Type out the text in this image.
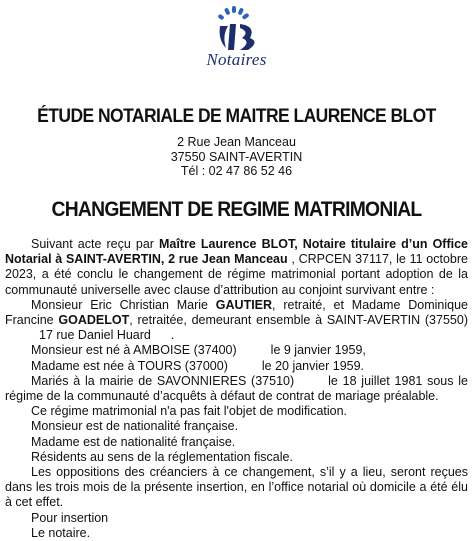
Notaires
ÉTUDE NOTARIALE DE MAITRE LAURENCE BLOT
2 Rue Jean Manceau
37550 SAINT-AVERTIN
Tél : 02 47 86 52 46
CHANGEMENT DE REGIME MATRIMONIAL

Suivant acte reçu par Maître Laurence BLOT, Notaire titulaire d’un Office Notarial à SAINT-AVERTIN, 2 rue Jean Manceau , CRPCEN 37117, le 11 octobre 2023, a été conclu le changement de régime matrimonial portant adoption de la communauté universelle avec clause d’attribution au conjoint survivant entre :

Monsieur Eric Christian Marie GAUTIER, retraité, et Madame Dominique Francine GOADELOT, retraitée, demeurant ensemble à SAINT-AVERTIN (37550) 17 rue Daniel Huard .

Monsieur est né à AMBOISE (37400)	le 9 janvier 1959,

Madame est née à TOURS (37000)	le 20 janvier 1959.

Mariés à la mairie de SAVONNIERES (37510)	le 18 juillet 1981 sous le régime de la communauté d’acquêts à défaut de contrat de mariage préalable.

Ce régime matrimonial n'a pas fait l'objet de modification.

Monsieur est de nationalité française.

Madame est de nationalité française.

Résidents au sens de la réglementation fiscale.

Les oppositions des créanciers à ce changement, s’il y a lieu, seront reçues dans les trois mois de la présente insertion, en l’office notarial où domicile a été élu à cet effet.

Pour insertion

Le notaire.
